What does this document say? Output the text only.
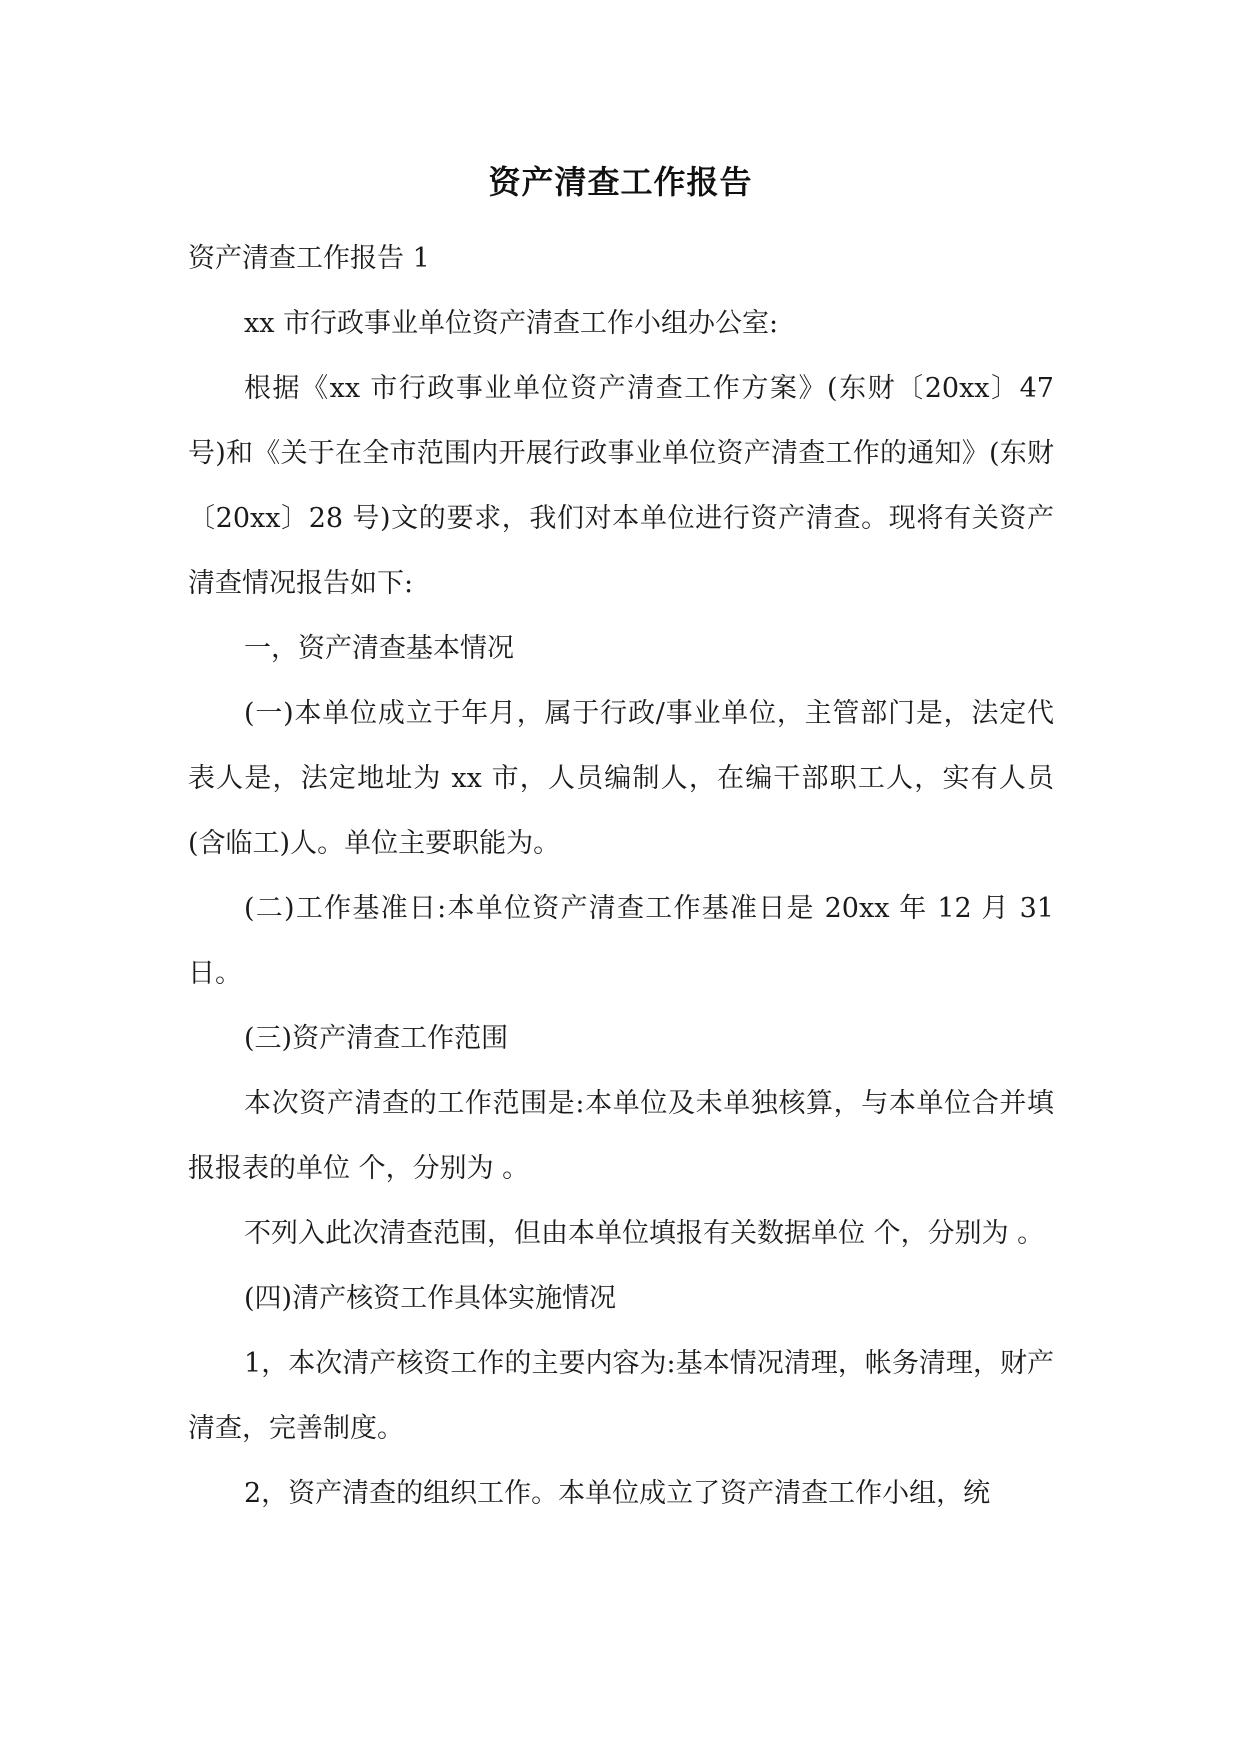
资产清查工作报告

资产清查工作报告 1

xx 市行政事业单位资产清查工作小组办公室:

根据《xx 市行政事业单位资产清查工作方案》(东财〔20xx〕47 号)和《关于在全市范围内开展行政事业单位资产清查工作的通知》(东财〔20xx〕28 号)文的要求，我们对本单位进行资产清查。现将有关资产清查情况报告如下:

一，资产清查基本情况

(一)本单位成立于年月，属于行政/事业单位，主管部门是，法定代表人是，法定地址为 xx 市，人员编制人，在编干部职工人，实有人员(含临工)人。单位主要职能为。

(二)工作基准日:本单位资产清查工作基准日是 20xx 年 12 月 31 日。

(三)资产清查工作范围

本次资产清查的工作范围是:本单位及未单独核算，与本单位合并填报报表的单位 个，分别为 。

不列入此次清查范围，但由本单位填报有关数据单位 个，分别为 。

(四)清产核资工作具体实施情况

1，本次清产核资工作的主要内容为:基本情况清理，帐务清理，财产清查，完善制度。

2，资产清查的组织工作。本单位成立了资产清查工作小组，统
